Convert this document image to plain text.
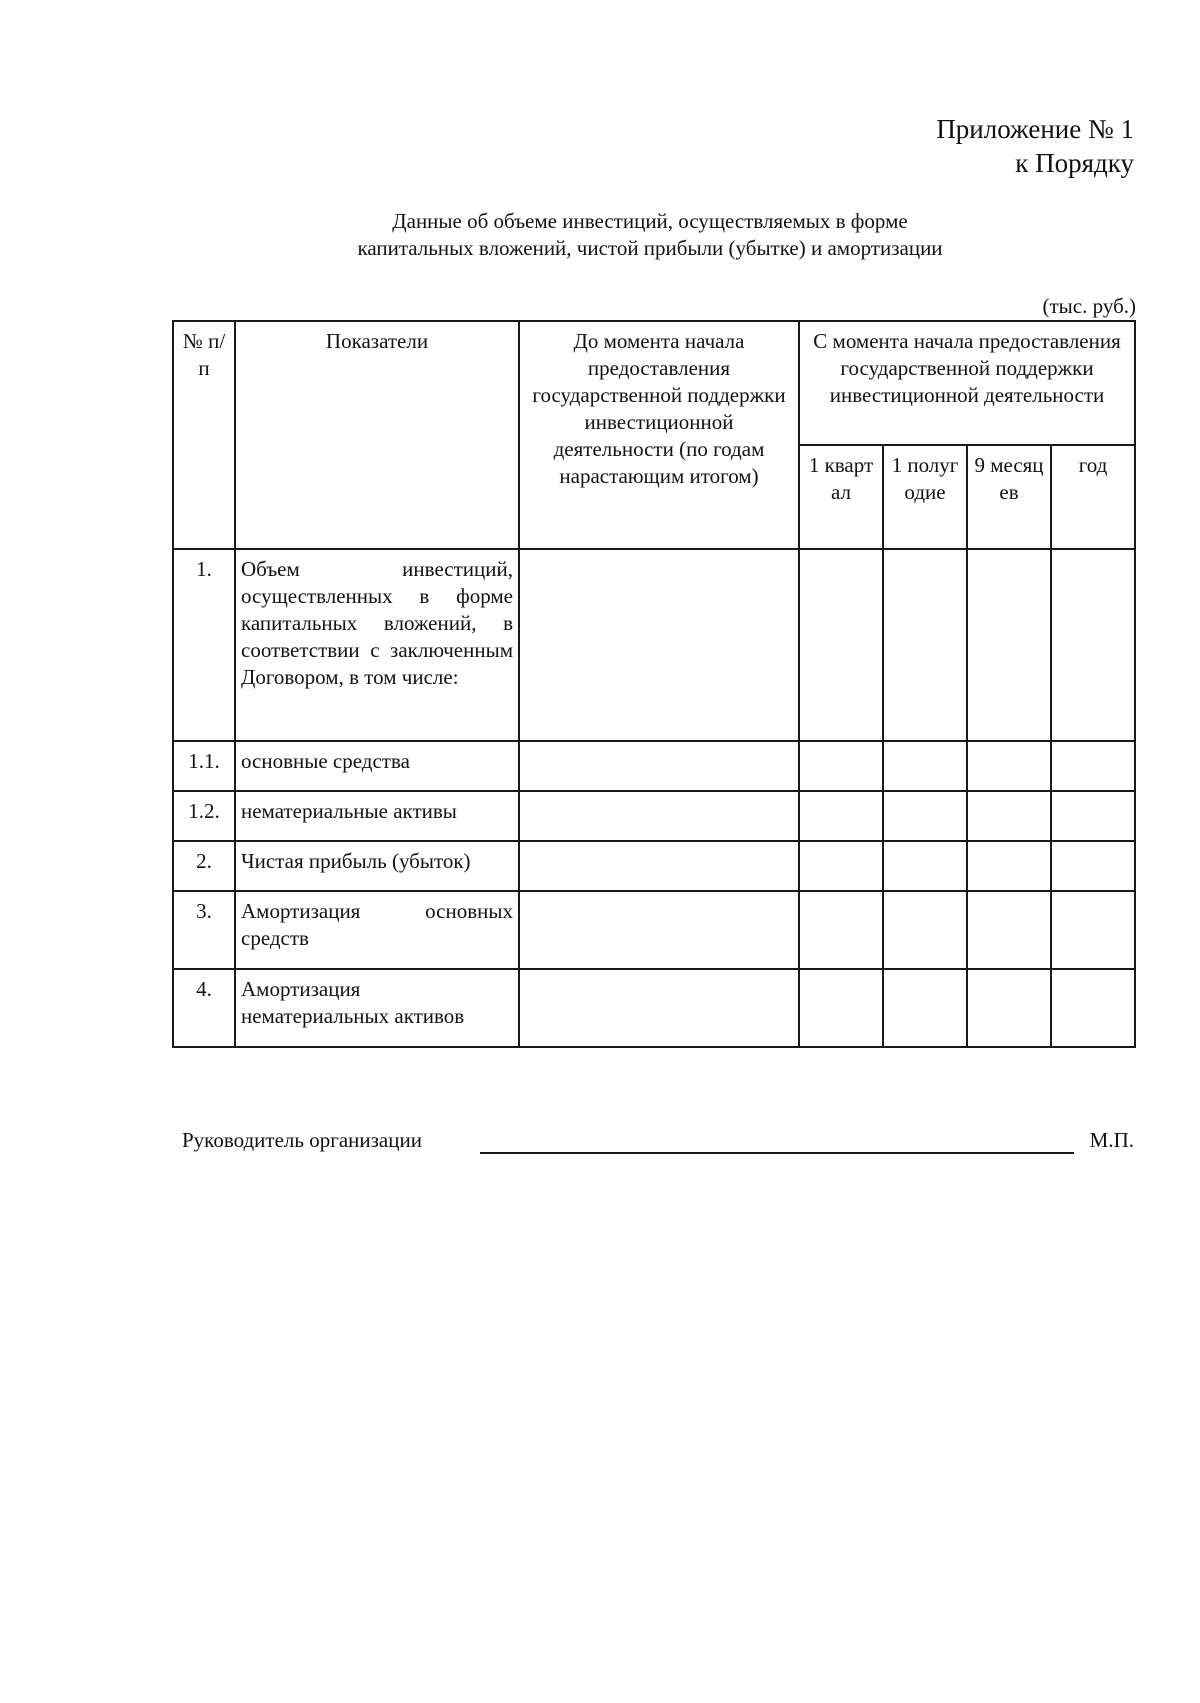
Приложение № 1
к Порядку
Данные об объеме инвестиций, осуществляемых в форме
капитальных вложений, чистой прибыли (убытке) и амортизации
(тыс. руб.)
№ п/п	Показатели	До момента начала предоставления государственной поддержки инвестиционной деятельности (по годам нарастающим итогом)	С момента начала предоставления государственной поддержки инвестиционной деятельности			
			1 квартал	1 полугодие	9 месяцев	год
1.	Объем инвестиций, осуществленных в форме капитальных вложений, в соответствии с заключенным Договором, в том числе:					
1.1.	основные средства					
1.2.	нематериальные активы					
2.	Чистая прибыль (убыток)					
3.	Амортизация основных средств					
4.	Амортизация нематериальных активов					
Руководитель организации	М.П.
